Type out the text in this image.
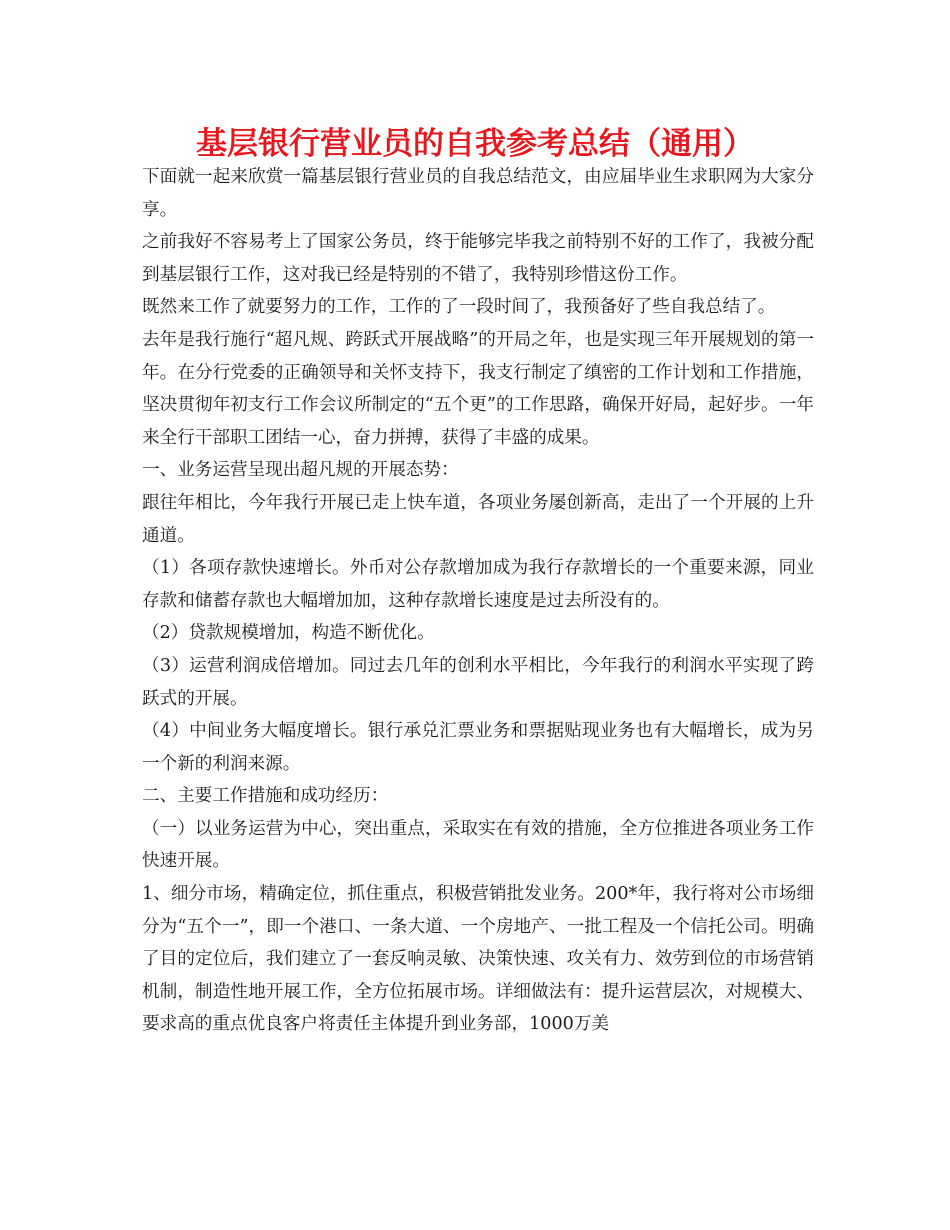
基层银行营业员的自我参考总结（通用）

下面就一起来欣赏一篇基层银行营业员的自我总结范文，由应届毕业生求职网为大家分享。

之前我好不容易考上了国家公务员，终于能够完毕我之前特别不好的工作了，我被分配到基层银行工作，这对我已经是特别的不错了，我特别珍惜这份工作。

既然来工作了就要努力的工作，工作的了一段时间了，我预备好了些自我总结了。

去年是我行施行“超凡规、跨跃式开展战略”的开局之年，也是实现三年开展规划的第一年。在分行党委的正确领导和关怀支持下，我支行制定了缜密的工作计划和工作措施，坚决贯彻年初支行工作会议所制定的“五个更”的工作思路，确保开好局，起好步。一年来全行干部职工团结一心，奋力拼搏，获得了丰盛的成果。

一、业务运营呈现出超凡规的开展态势：

跟往年相比，今年我行开展已走上快车道，各项业务屡创新高，走出了一个开展的上升通道。

（1）各项存款快速增长。外币对公存款增加成为我行存款增长的一个重要来源，同业存款和储蓄存款也大幅增加加，这种存款增长速度是过去所没有的。

（2）贷款规模增加，构造不断优化。

（3）运营利润成倍增加。同过去几年的创利水平相比，今年我行的利润水平实现了跨跃式的开展。

（4）中间业务大幅度增长。银行承兑汇票业务和票据贴现业务也有大幅增长，成为另一个新的利润来源。

二、主要工作措施和成功经历：

（一）以业务运营为中心，突出重点，采取实在有效的措施，全方位推进各项业务工作快速开展。

1、细分市场，精确定位，抓住重点，积极营销批发业务。200*年，我行将对公市场细分为“五个一”，即一个港口、一条大道、一个房地产、一批工程及一个信托公司。明确了目的定位后，我们建立了一套反响灵敏、决策快速、攻关有力、效劳到位的市场营销机制，制造性地开展工作，全方位拓展市场。详细做法有：提升运营层次，对规模大、要求高的重点优良客户将责任主体提升到业务部，1000万美
